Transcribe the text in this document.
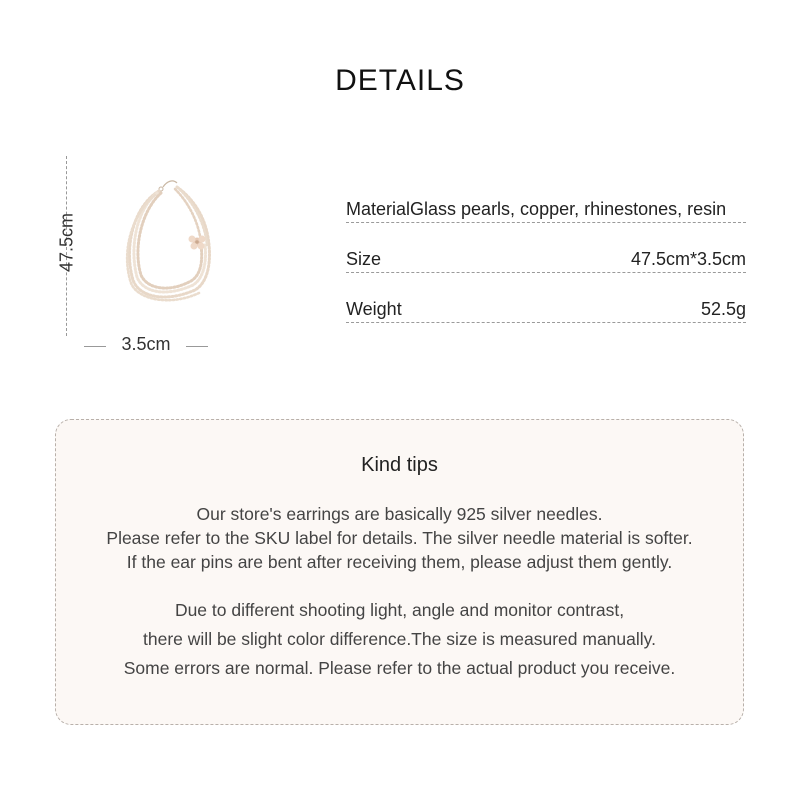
DETAILS
47.5cm
3.5cm
MaterialGlass pearls, copper, rhinestones, resin
Size	47.5cm*3.5cm
Weight	52.5g
Kind tips
Our store's earrings are basically 925 silver needles.
Please refer to the SKU label for details. The silver needle material is softer.
If the ear pins are bent after receiving them, please adjust them gently.
Due to different shooting light, angle and monitor contrast,
there will be slight color difference.The size is measured manually.
Some errors are normal. Please refer to the actual product you receive.
